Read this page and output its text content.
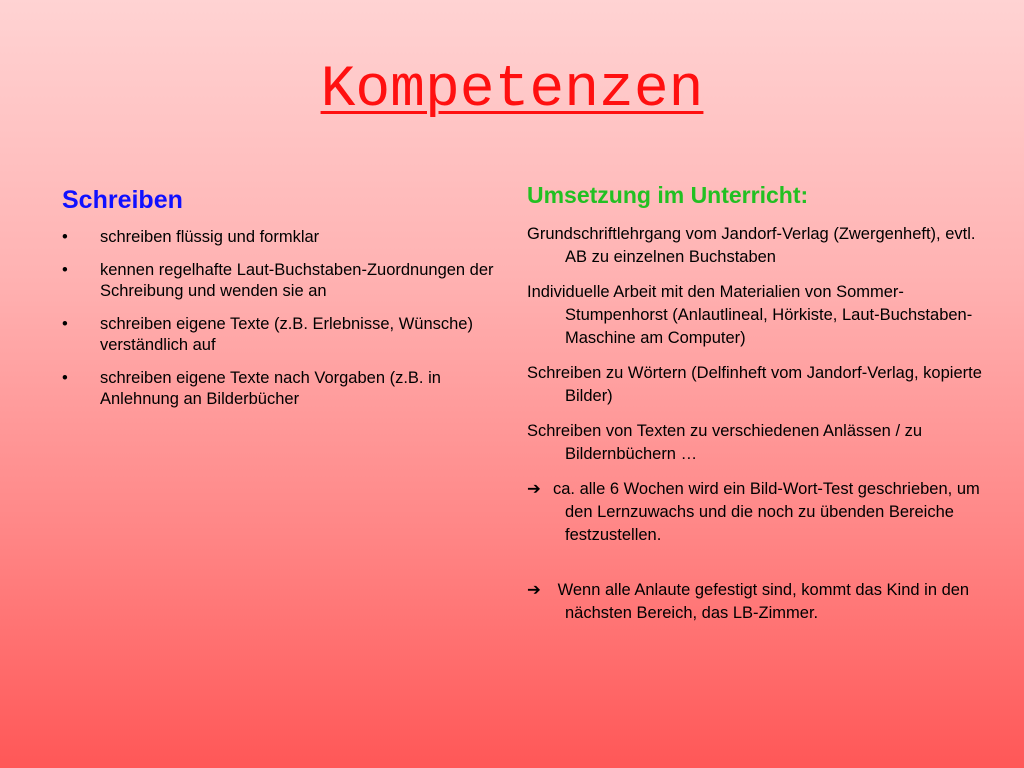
Kompetenzen
Schreiben
• schreiben flüssig und formklar
• kennen regelhafte Laut-Buchstaben-Zuordnungen der Schreibung und wenden sie an
• schreiben eigene Texte (z.B. Erlebnisse, Wünsche) verständlich auf
• schreiben eigene Texte nach Vorgaben (z.B. in Anlehnung an Bilderbücher
Umsetzung im Unterricht:

Grundschriftlehrgang vom Jandorf-Verlag (Zwergenheft), evtl. AB zu einzelnen Buchstaben

Individuelle Arbeit mit den Materialien von Sommer-Stumpenhorst (Anlautlineal, Hörkiste, Laut-Buchstaben-Maschine am Computer)

Schreiben zu Wörtern (Delfinheft vom Jandorf-Verlag, kopierte Bilder)

Schreiben von Texten zu verschiedenen Anlässen / zu Bildernbüchern …

➔ ca. alle 6 Wochen wird ein Bild-Wort-Test geschrieben, um den Lernzuwachs und die noch zu übenden Bereiche festzustellen.

➔ Wenn alle Anlaute gefestigt sind, kommt das Kind in den nächsten Bereich, das LB-Zimmer.
